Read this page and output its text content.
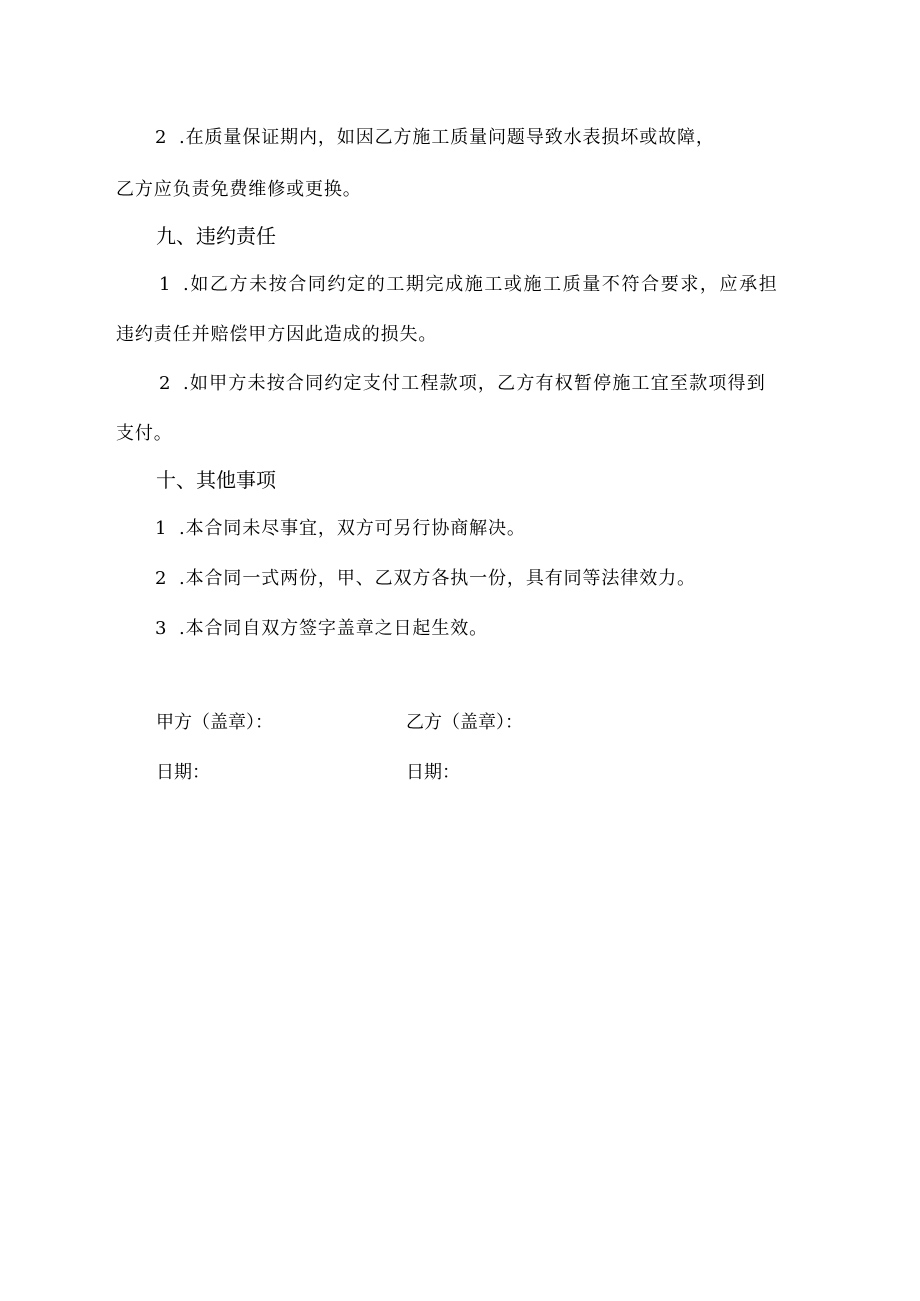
2 .在质量保证期内，如因乙方施工质量问题导致水表损坏或故障，
乙方应负责免费维修或更换。
九、违约责任
1 .如乙方未按合同约定的工期完成施工或施工质量不符合要求，应承担
违约责任并赔偿甲方因此造成的损失。
2 .如甲方未按合同约定支付工程款项，乙方有权暂停施工宜至款项得到
支付。
十、其他事项
1 .本合同未尽事宜，双方可另行协商解决。
2 .本合同一式两份，甲、乙双方各执一份，具有同等法律效力。
3 .本合同自双方签字盖章之日起生效。
甲方（盖章）：	乙方（盖章）：
日期：	日期：
